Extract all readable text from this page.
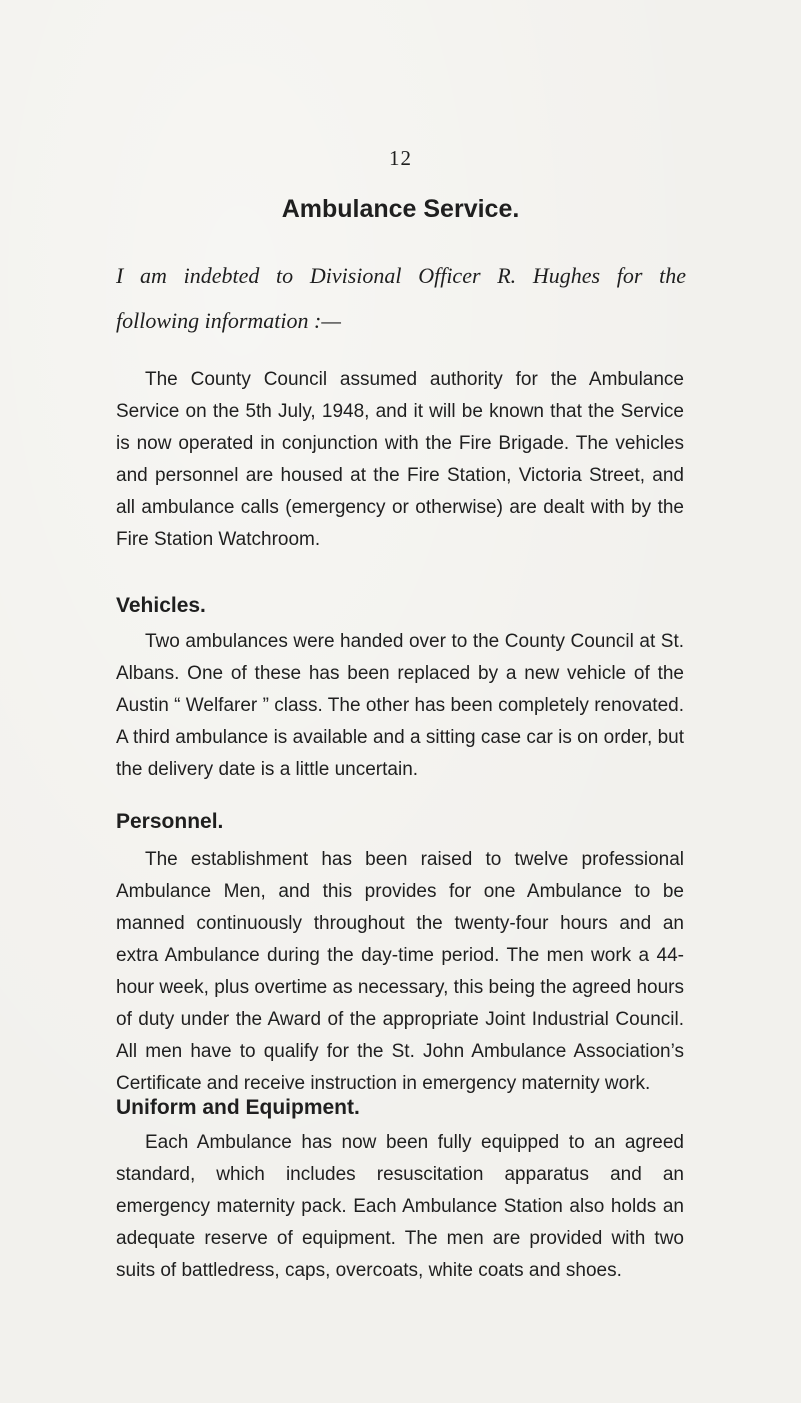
12
Ambulance Service.
I am indebted to Divisional Officer R. Hughes for the
following information :—

The County Council assumed authority for the Ambulance Service on the 5th July, 1948, and it will be known that the Service is now operated in conjunction with the Fire Brigade. The vehicles and personnel are housed at the Fire Station, Victoria Street, and all ambulance calls (emergency or otherwise) are dealt with by the Fire Station Watchroom.

Vehicles.

Two ambulances were handed over to the County Council at St. Albans. One of these has been replaced by a new vehicle of the Austin “ Welfarer ” class. The other has been completely renovated. A third ambulance is available and a sitting case car is on order, but the delivery date is a little uncertain.

Personnel.

The establishment has been raised to twelve professional Ambulance Men, and this provides for one Ambulance to be manned continuously throughout the twenty-four hours and an extra Ambulance during the day-time period. The men work a 44-hour week, plus overtime as necessary, this being the agreed hours of duty under the Award of the appropriate Joint Industrial Council. All men have to qualify for the St. John Ambulance Association’s Certificate and receive instruction in emergency maternity work.

Uniform and Equipment.

Each Ambulance has now been fully equipped to an agreed standard, which includes resuscitation apparatus and an emergency maternity pack. Each Ambulance Station also holds an adequate reserve of equipment. The men are provided with two suits of battledress, caps, overcoats, white coats and shoes.
